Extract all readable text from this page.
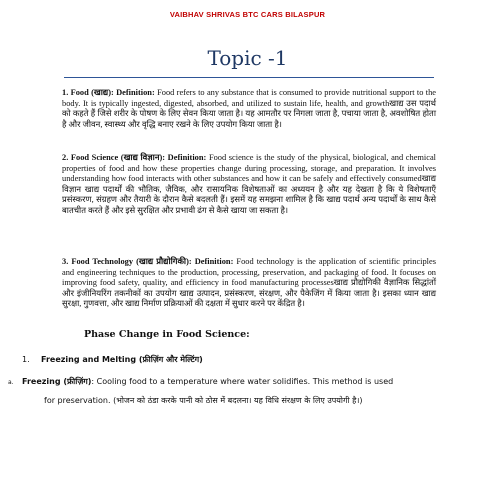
VAIBHAV SHRIVAS BTC CARS BILASPUR
Topic -1
1. Food (खाद्य): Definition: Food refers to any substance that is consumed to provide nutritional support to the body. It is typically ingested, digested, absorbed, and utilized to sustain life, health, and growthखाद्य उस पदार्थ को कहते हैं जिसे शरीर के पोषण के लिए सेवन किया जाता है। यह आमतौर पर निगला जाता है, पचाया जाता है, अवशोषित होता है और जीवन, स्वास्थ्य और वृद्धि बनाए रखने के लिए उपयोग किया जाता है।
2. Food Science (खाद्य विज्ञान): Definition: Food science is the study of the physical, biological, and chemical properties of food and how these properties change during processing, storage, and preparation. It involves understanding how food interacts with other substances and how it can be safely and effectively consumedखाद्य विज्ञान खाद्य पदार्थों की भौतिक, जैविक, और रासायनिक विशेषताओं का अध्ययन है और यह देखता है कि ये विशेषताएँ प्रसंस्करण, संग्रहण और तैयारी के दौरान कैसे बदलती हैं। इसमें यह समझना शामिल है कि खाद्य पदार्थ अन्य पदार्थों के साथ कैसे बातचीत करते हैं और इसे सुरक्षित और प्रभावी ढंग से कैसे खाया जा सकता है।
3. Food Technology (खाद्य प्रौद्योगिकी): Definition: Food technology is the application of scientific principles and engineering techniques to the production, processing, preservation, and packaging of food. It focuses on improving food safety, quality, and efficiency in food manufacturing processesखाद्य प्रौद्योगिकी वैज्ञानिक सिद्धांतों और इंजीनियरिंग तकनीकों का उपयोग खाद्य उत्पादन, प्रसंस्करण, संरक्षण, और पैकेजिंग में किया जाता है। इसका ध्यान खाद्य सुरक्षा, गुणवत्ता, और खाद्य निर्माण प्रक्रियाओं की दक्षता में सुधार करने पर केंद्रित है।
Phase Change in Food Science:
1. Freezing and Melting (फ्रीज़िंग और मेल्टिंग)
a. Freezing (फ्रीज़िंग): Cooling food to a temperature where water solidifies. This method is used
for preservation. (भोजन को ठंडा करके पानी को ठोस में बदलना। यह विधि संरक्षण के लिए उपयोगी है।)
